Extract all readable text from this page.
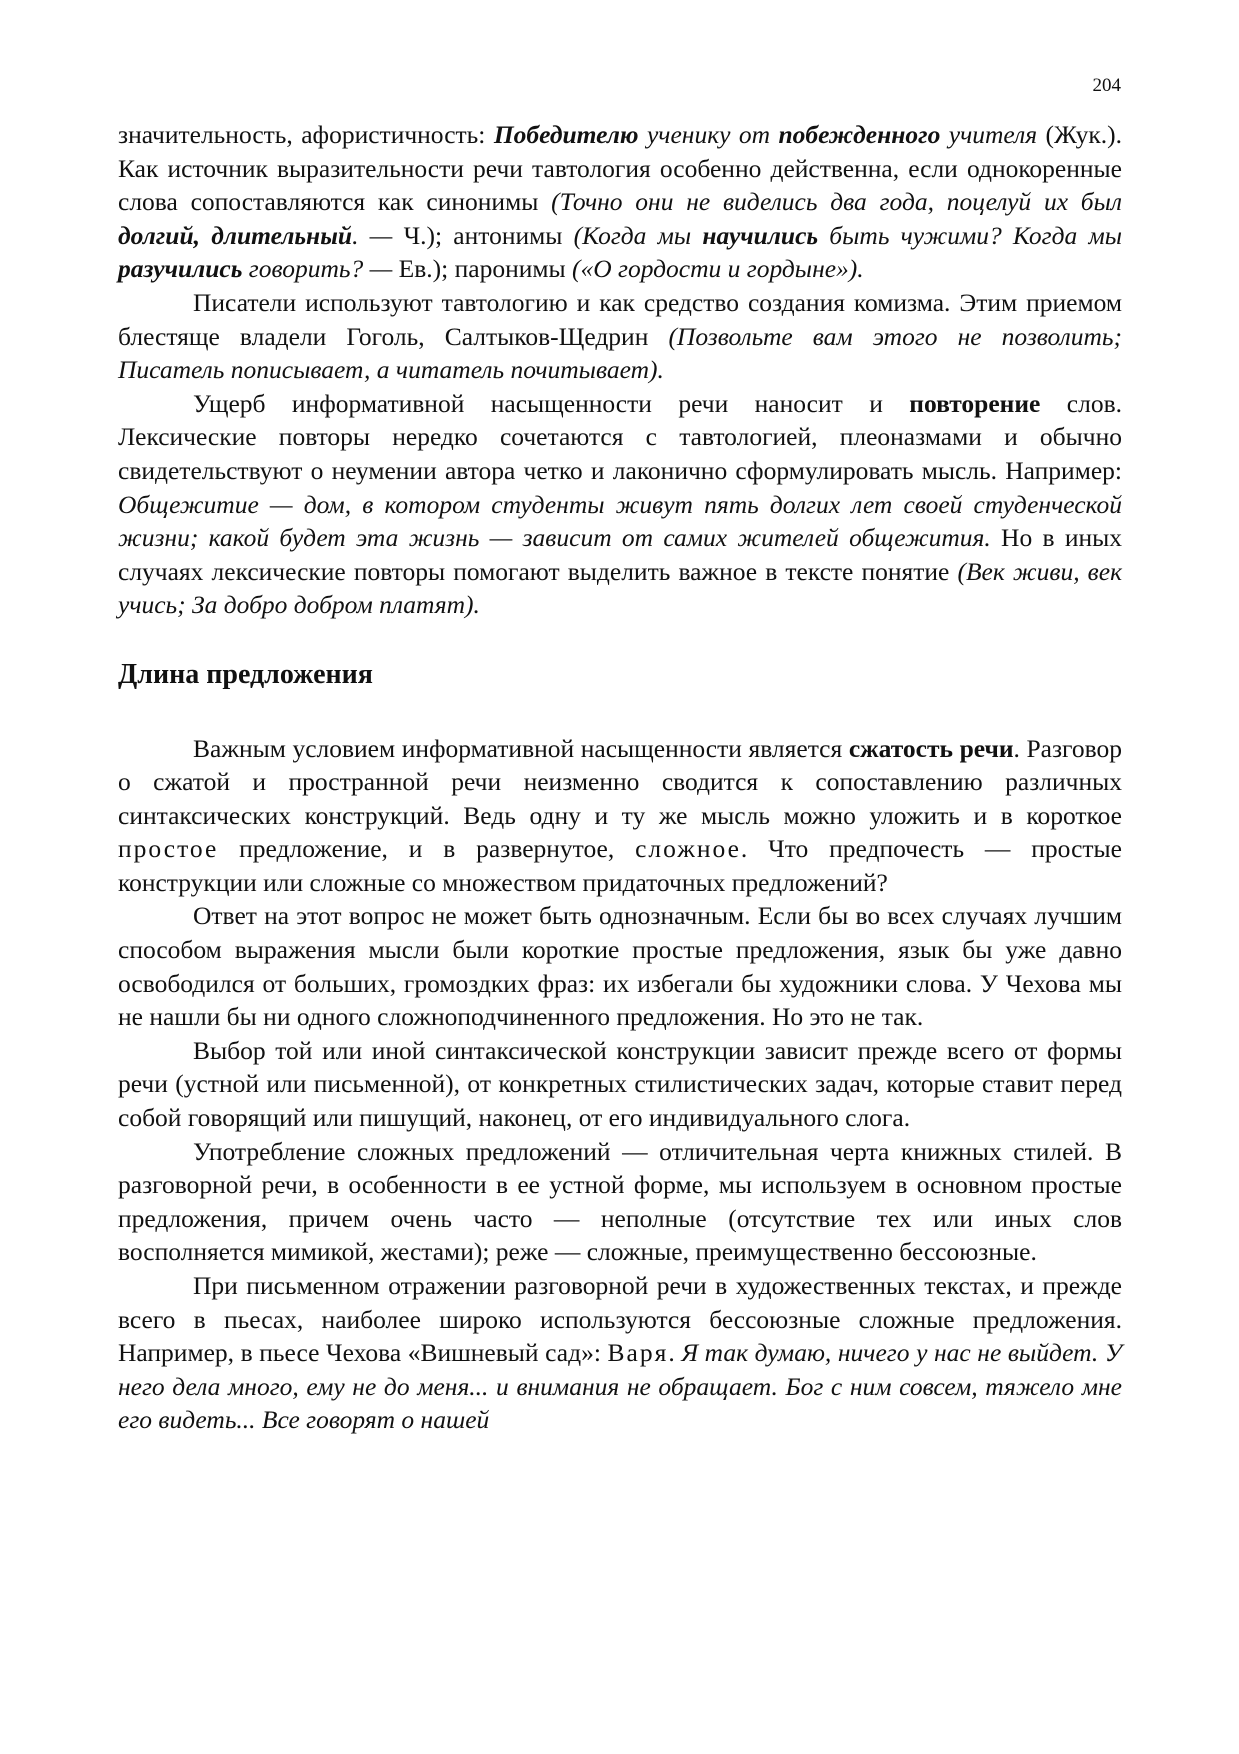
204

значительность, афористичность: Победителю ученику от побежденного учителя (Жук.). Как источник выразительности речи тавтология особенно действенна, если однокоренные слова сопоставляются как синонимы (Точно они не виделись два года, поцелуй их был долгий, длительный. — Ч.); антонимы (Когда мы научились быть чужими? Когда мы разучились говорить? — Ев.); паронимы («О гордости и гордыне»).

Писатели используют тавтологию и как средство создания комизма. Этим приемом блестяще владели Гоголь, Салтыков-Щедрин (Позвольте вам этого не позволить; Писатель пописывает, а читатель почитывает).

Ущерб информативной насыщенности речи наносит и повторение слов. Лексические повторы нередко сочетаются с тавтологией, плеоназмами и обычно свидетельствуют о неумении автора четко и лаконично сформулировать мысль. Например: Общежитие — дом, в котором студенты живут пять долгих лет своей студенческой жизни; какой будет эта жизнь — зависит от самих жителей общежития. Но в иных случаях лексические повторы помогают выделить важное в тексте понятие (Век живи, век учись; За добро добром платят).

Длина предложения

Важным условием информативной насыщенности является сжатость речи. Разговор о сжатой и пространной речи неизменно сводится к сопоставлению различных синтаксических конструкций. Ведь одну и ту же мысль можно уложить и в короткое простое предложение, и в развернутое, сложное. Что предпочесть — простые конструкции или сложные со множеством придаточных предложений?

Ответ на этот вопрос не может быть однозначным. Если бы во всех случаях лучшим способом выражения мысли были короткие простые предложения, язык бы уже давно освободился от больших, громоздких фраз: их избегали бы художники слова. У Чехова мы не нашли бы ни одного сложноподчиненного предложения. Но это не так.

Выбор той или иной синтаксической конструкции зависит прежде всего от формы речи (устной или письменной), от конкретных стилистических задач, которые ставит перед собой говорящий или пишущий, наконец, от его индивидуального слога.

Употребление сложных предложений — отличительная черта книжных стилей. В разговорной речи, в особенности в ее устной форме, мы используем в основном простые предложения, причем очень часто — неполные (отсутствие тех или иных слов восполняется мимикой, жестами); реже — сложные, преимущественно бессоюзные.

При письменном отражении разговорной речи в художественных текстах, и прежде всего в пьесах, наиболее широко используются бессоюзные сложные предложения. Например, в пьесе Чехова «Вишневый сад»: Варя. Я так думаю, ничего у нас не выйдет. У него дела много, ему не до меня... и внимания не обращает. Бог с ним совсем, тяжело мне его видеть... Все говорят о нашей
